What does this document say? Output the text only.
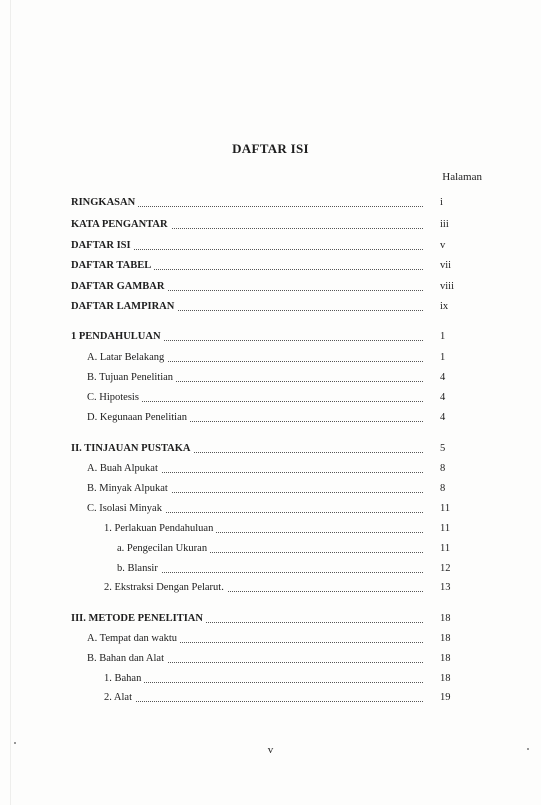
DAFTAR ISI
Halaman
RINGKASAN	i
KATA PENGANTAR	iii
DAFTAR ISI	v
DAFTAR TABEL	vii
DAFTAR GAMBAR	viii
DAFTAR LAMPIRAN	ix
1 PENDAHULUAN	1
A. Latar Belakang	1
B. Tujuan Penelitian	4
C. Hipotesis	4
D. Kegunaan Penelitian	4
II. TINJAUAN PUSTAKA	5
A. Buah Alpukat	8
B. Minyak Alpukat	8
C. Isolasi Minyak	11
1. Perlakuan Pendahuluan	11
a. Pengecilan Ukuran	11
b. Blansir	12
2. Ekstraksi Dengan Pelarut.	13
III. METODE PENELITIAN	18
A. Tempat dan waktu	18
B. Bahan dan Alat	18
1. Bahan	18
2. Alat	19
v
